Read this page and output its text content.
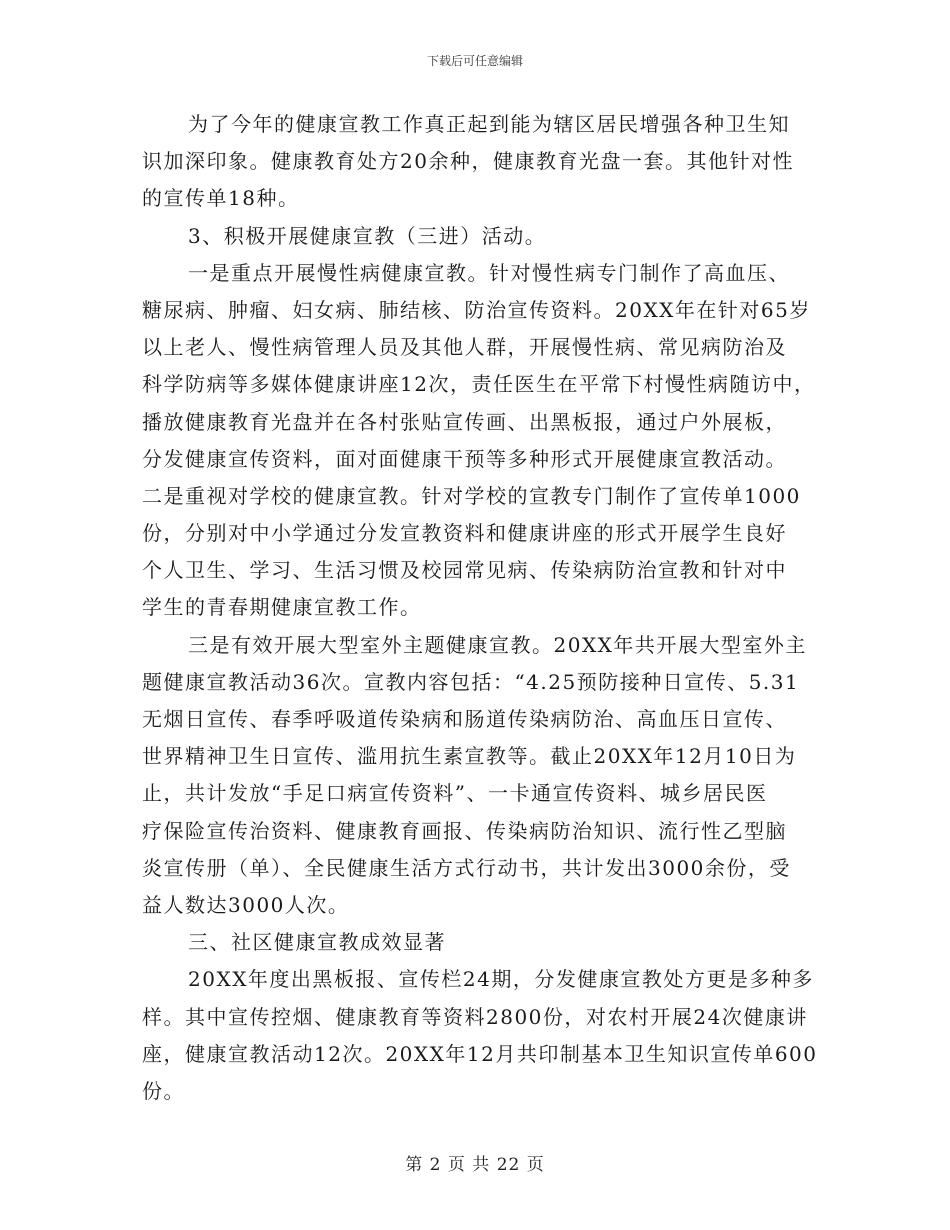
下载后可任意编辑
为了今年的健康宣教工作真正起到能为辖区居民增强各种卫生知
识加深印象。健康教育处方20余种，健康教育光盘一套。其他针对性
的宣传单18种。
3、积极开展健康宣教（三进）活动。
一是重点开展慢性病健康宣教。针对慢性病专门制作了高血压、
糖尿病、肿瘤、妇女病、肺结核、防治宣传资料。20XX年在针对65岁
以上老人、慢性病管理人员及其他人群，开展慢性病、常见病防治及
科学防病等多媒体健康讲座12次，责任医生在平常下村慢性病随访中，
播放健康教育光盘并在各村张贴宣传画、出黑板报，通过户外展板，
分发健康宣传资料，面对面健康干预等多种形式开展健康宣教活动。
二是重视对学校的健康宣教。针对学校的宣教专门制作了宣传单1000
份，分别对中小学通过分发宣教资料和健康讲座的形式开展学生良好
个人卫生、学习、生活习惯及校园常见病、传染病防治宣教和针对中
学生的青春期健康宣教工作。
三是有效开展大型室外主题健康宣教。20XX年共开展大型室外主
题健康宣教活动36次。宣教内容包括：“4.25预防接种日宣传、5.31
无烟日宣传、春季呼吸道传染病和肠道传染病防治、高血压日宣传、
世界精神卫生日宣传、滥用抗生素宣教等。截止20XX年12月10日为
止，共计发放“手足口病宣传资料”、一卡通宣传资料、城乡居民医
疗保险宣传治资料、健康教育画报、传染病防治知识、流行性乙型脑
炎宣传册（单）、全民健康生活方式行动书，共计发出3000余份，受
益人数达3000人次。
三、社区健康宣教成效显著
20XX年度出黑板报、宣传栏24期，分发健康宣教处方更是多种多
样。其中宣传控烟、健康教育等资料2800份，对农村开展24次健康讲
座，健康宣教活动12次。20XX年12月共印制基本卫生知识宣传单600
份。
第 2 页 共 22 页
